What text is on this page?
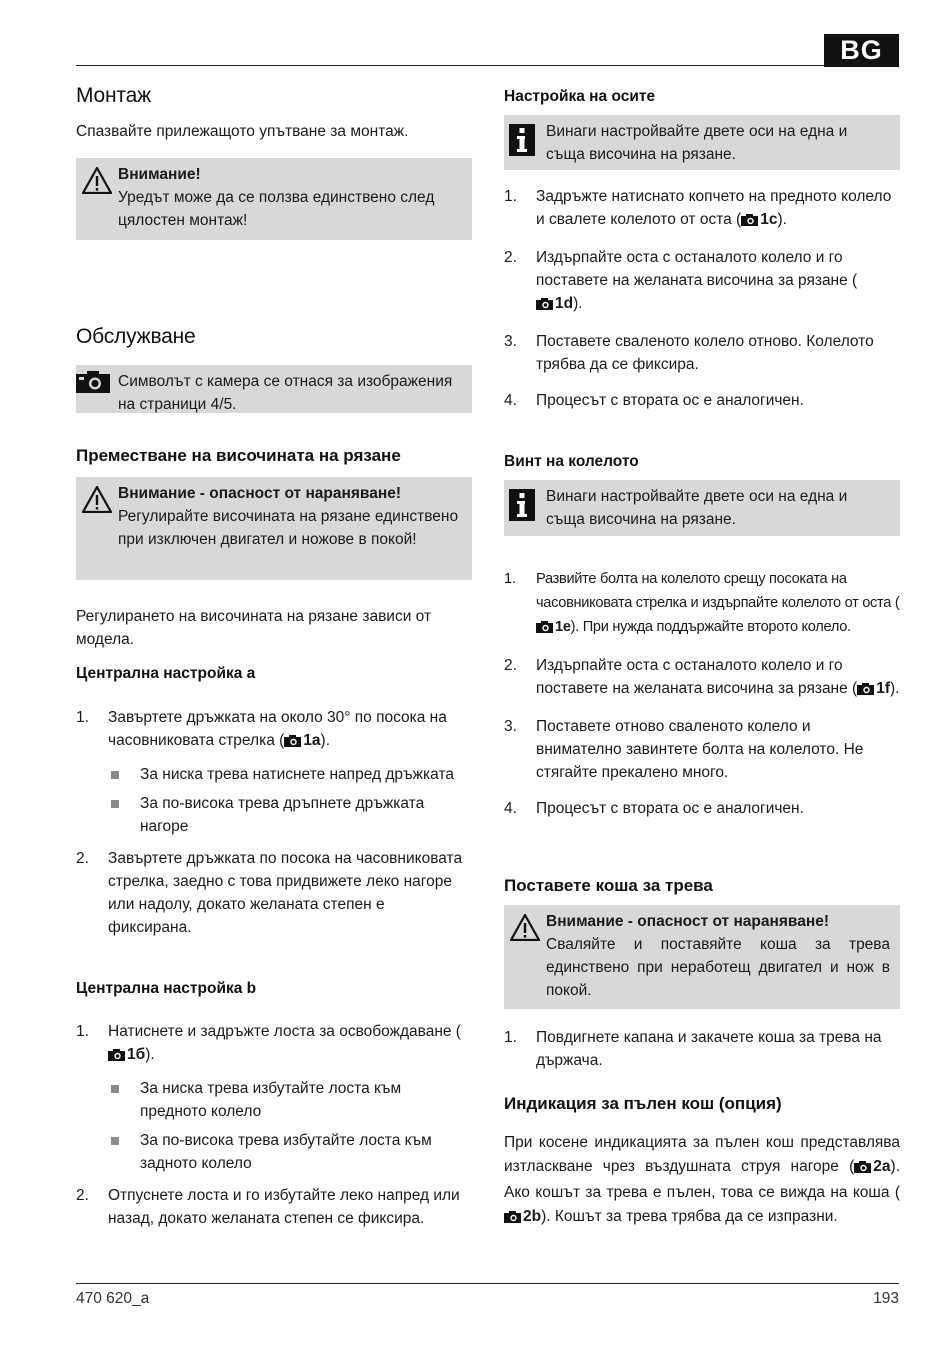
BG
470 620_a	193
Монтаж

Спазвайте прилежащото упътване за монтаж.

Внимание!
Уредът може да се ползва единствено след цялостен монтаж!
Обслужване
Символът с камера се отнася за изображения на страници 4/5.
Преместване на височината на рязане
Внимание - опасност от нараняване!
Регулирайте височината на рязане единствено при изключен двигател и ножове в покой!

Регулирането на височината на рязане зависи от модела.

Централна настройка а
1. Завъртете дръжката на около 30° по посока на часовниковата стрелка ( 1a).
За ниска трева натиснете напред дръжката
За по-висока трева дръпнете дръжката нагоре
2. Завъртете дръжката по посока на часовниковата стрелка, заедно с това придвижете леко нагоре или надолу, докато желаната степен е фиксирана.
Централна настройка b
1. Натиснете и задръжте лоста за освобождаване (1б).
За ниска трева избутайте лоста към предното колело
За по-висока трева избутайте лоста към задното колело
2. Отпуснете лоста и го избутайте леко напред или назад, докато желаната степен се фиксира.
Настройка на осите
Винаги настройвайте двете оси на една и съща височина на рязане.
1. Задръжте натиснато копчето на предното колело и свалете колелото от оста ( 1c).
2. Издърпайте оста с останалото колело и го поставете на желаната височина за рязане (1d).
3. Поставете сваленото колело отново. Колелото трябва да се фиксира.
4. Процесът с втората ос е аналогичен.
Винт на колелото
Винаги настройвайте двете оси на една и съща височина на рязане.
1. Развийте болта на колелото срещу посоката на часовниковата стрелка и издърпайте колелото от оста (1e). При нужда поддържайте второто колело.
2. Издърпайте оста с останалото колело и го поставете на желаната височина за рязане ( 1f).
3. Поставете отново сваленото колело и внимателно завинтете болта на колелото. Не стягайте прекалено много.
4. Процесът с втората ос е аналогичен.
Поставете коша за трева
Внимание - опасност от нараняване!
Сваляйте и поставяйте коша за трева единствено при неработещ двигател и нож в покой.
1. Повдигнете капана и закачете коша за трева на държача.
Индикация за пълен кош (опция)

При косене индикацията за пълен кош представлява изтласкване чрез въздушната струя нагоре ( 2a). Ако кошът за трева е пълен, това се вижда на коша (2b). Кошът за трева трябва да се изпразни.
